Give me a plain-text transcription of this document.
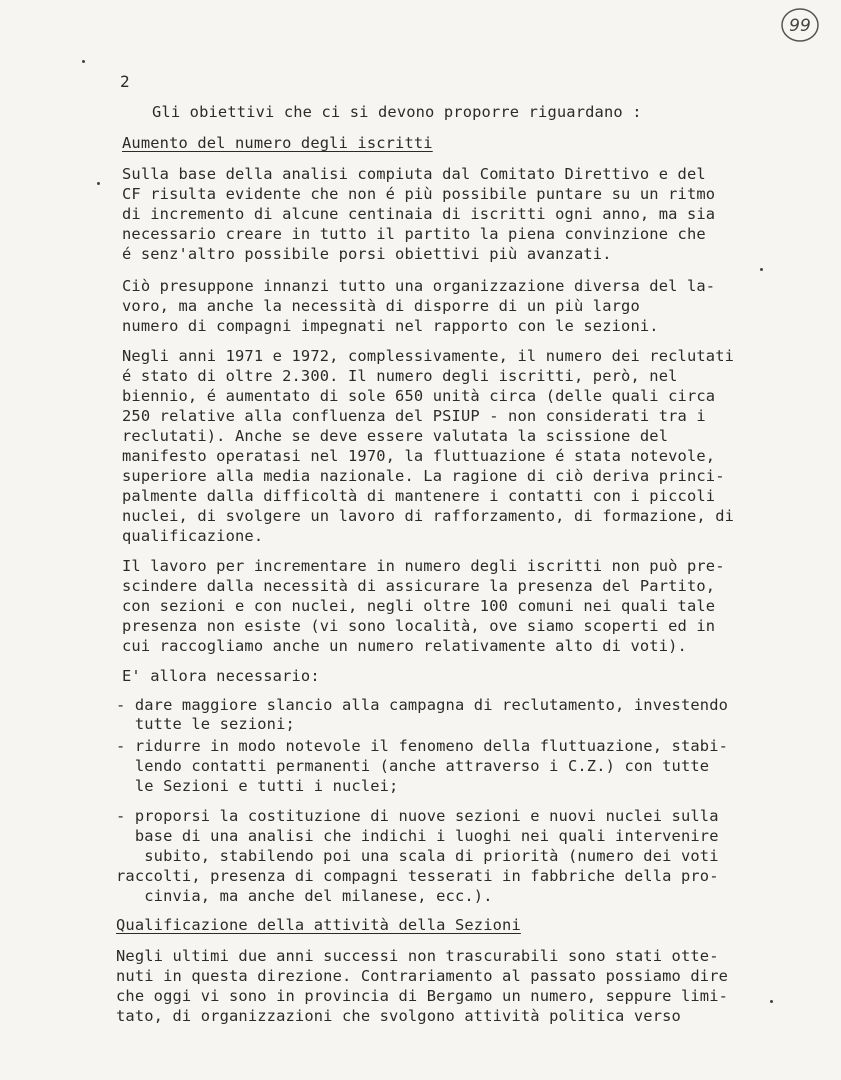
99
2
Gli obiettivi che ci si devono proporre riguardano :
Aumento del numero degli iscritti
Sulla base della analisi compiuta dal Comitato Direttivo e del
CF risulta evidente che non é più possibile puntare su un ritmo
di incremento di alcune centinaia di iscritti ogni anno, ma sia
necessario creare in tutto il partito la piena convinzione che
é senz'altro possibile porsi obiettivi più avanzati.
Ciò presuppone innanzi tutto una organizzazione diversa del la-
voro, ma anche la necessità di disporre di un più largo
numero di compagni impegnati nel rapporto con le sezioni.
Negli anni 1971 e 1972, complessivamente, il numero dei reclutati
é stato di oltre 2.300. Il numero degli iscritti, però, nel
biennio, é aumentato di sole 650 unità circa (delle quali circa
250 relative alla confluenza del PSIUP - non considerati tra i
reclutati). Anche se deve essere valutata la scissione del
manifesto operatasi nel 1970, la fluttuazione é stata notevole,
superiore alla media nazionale. La ragione di ciò deriva princi-
palmente dalla difficoltà di mantenere i contatti con i piccoli
nuclei, di svolgere un lavoro di rafforzamento, di formazione, di
qualificazione.
Il lavoro per incrementare in numero degli iscritti non può pre-
scindere dalla necessità di assicurare la presenza del Partito,
con sezioni e con nuclei, negli oltre 100 comuni nei quali tale
presenza non esiste (vi sono località, ove siamo scoperti ed in
cui raccogliamo anche un numero relativamente alto di voti).
E' allora necessario:
- dare maggiore slancio alla campagna di reclutamento, investendo
tutte le sezioni;
- ridurre in modo notevole il fenomeno della fluttuazione, stabi-
lendo contatti permanenti (anche attraverso i C.Z.) con tutte
le Sezioni e tutti i nuclei;
- proporsi la costituzione di nuove sezioni e nuovi nuclei sulla
base di una analisi che indichi i luoghi nei quali intervenire
subito, stabilendo poi una scala di priorità (numero dei voti
raccolti, presenza di compagni tesserati in fabbriche della pro-
cinvia, ma anche del milanese, ecc.).
Qualificazione della attività della Sezioni
Negli ultimi due anni successi non trascurabili sono stati otte-
nuti in questa direzione. Contrariamento al passato possiamo dire
che oggi vi sono in provincia di Bergamo un numero, seppure limi-
tato, di organizzazioni che svolgono attività politica verso
